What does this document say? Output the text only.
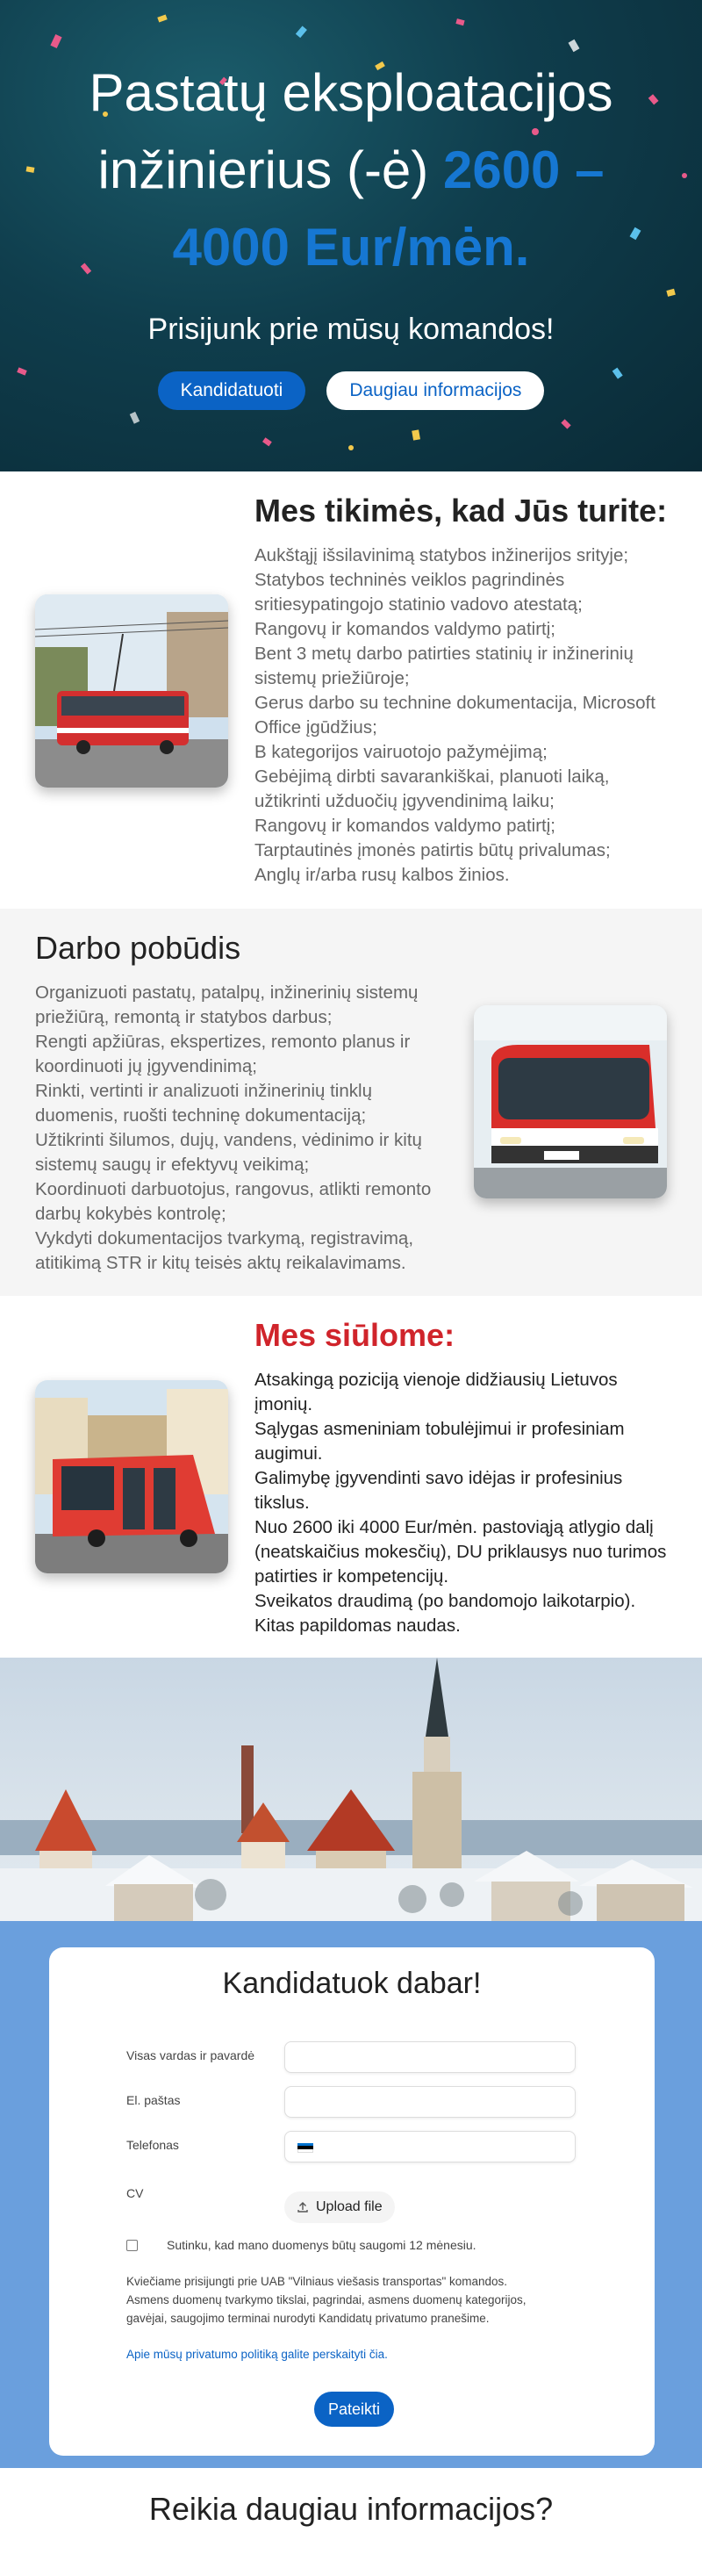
Pastatų eksploatacijos
inžinierius (-ė) 2600 –
4000 Eur/mėn.
Prisijunk prie mūsų komandos!
Kandidatuoti	Daugiau informacijos
Mes tikimės, kad Jūs turite:
Aukštąjį išsilavinimą statybos inžinerijos srityje;
Statybos techninės veiklos pagrindinės
sritiesypatingojo statinio vadovo atestatą;
Rangovų ir komandos valdymo patirtį;
Bent 3 metų darbo patirties statinių ir inžinerinių
sistemų priežiūroje;
Gerus darbo su technine dokumentacija, Microsoft
Office įgūdžius;
B kategorijos vairuotojo pažymėjimą;
Gebėjimą dirbti savarankiškai, planuoti laiką,
užtikrinti užduočių įgyvendinimą laiku;
Rangovų ir komandos valdymo patirtį;
Tarptautinės įmonės patirtis būtų privalumas;
Anglų ir/arba rusų kalbos žinios.
Darbo pobūdis
Organizuoti pastatų, patalpų, inžinerinių sistemų
priežiūrą, remontą ir statybos darbus;
Rengti apžiūras, ekspertizes, remonto planus ir
koordinuoti jų įgyvendinimą;
Rinkti, vertinti ir analizuoti inžinerinių tinklų
duomenis, ruošti techninę dokumentaciją;
Užtikrinti šilumos, dujų, vandens, vėdinimo ir kitų
sistemų saugų ir efektyvų veikimą;
Koordinuoti darbuotojus, rangovus, atlikti remonto
darbų kokybės kontrolę;
Vykdyti dokumentacijos tvarkymą, registravimą,
atitikimą STR ir kitų teisės aktų reikalavimams.
Mes siūlome:
Atsakingą poziciją vienoje didžiausių Lietuvos
įmonių.
Sąlygas asmeniniam tobulėjimui ir profesiniam
augimui.
Galimybę įgyvendinti savo idėjas ir profesinius
tikslus.
Nuo 2600 iki 4000 Eur/mėn. pastoviąją atlygio dalį
(neatskaičius mokesčių), DU priklausys nuo turimos
patirties ir kompetencijų.
Sveikatos draudimą (po bandomojo laikotarpio).
Kitas papildomas naudas.
Kandidatuok dabar!
Visas vardas ir pavardė
El. paštas
Telefonas
CV
Upload file
Sutinku, kad mano duomenys būtų saugomi 12 mėnesiu.
Kviečiame prisijungti prie UAB "Vilniaus viešasis transportas" komandos.
Asmens duomenų tvarkymo tikslai, pagrindai, asmens duomenų kategorijos,
gavėjai, saugojimo terminai nurodyti Kandidatų privatumo pranešime.
Apie mūsų privatumo politiką galite perskaityti čia.
Pateikti
Reikia daugiau informacijos?
